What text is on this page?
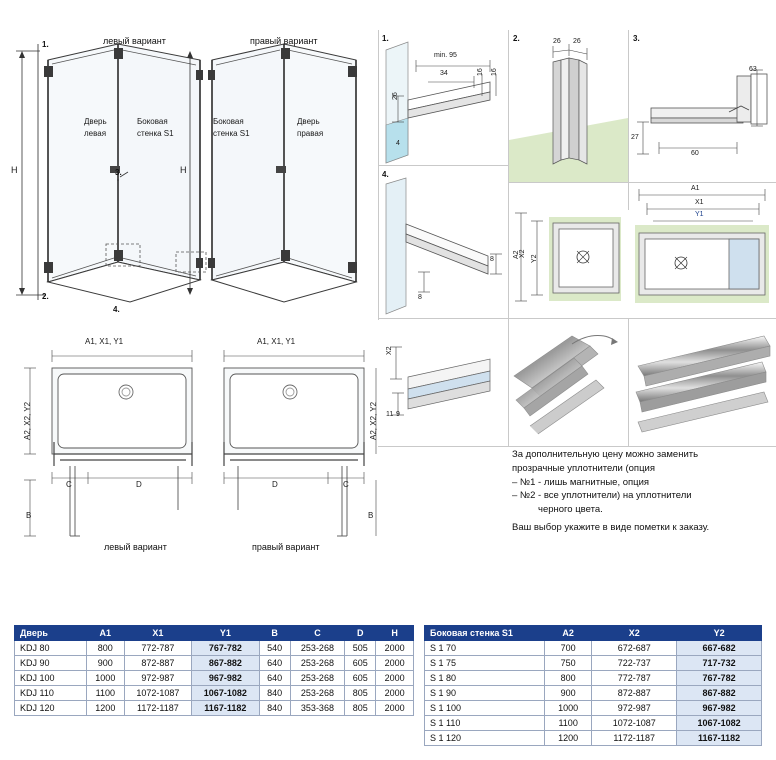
левый вариант	правый вариант
Дверь
левая
Боковая
стенка S1
Боковая
стенка S1
Дверь
правая
H	H
1.
2.
3.
4.
1.
min. 95
34	16 16
26
4
2.	26 26	3.
63
27
60
4.
8
8
A2 Y2
A1
X1
Y1
X2
X2
11 9
За дополнительную цену можно заменить
прозрачные уплотнители (опция
– №1 - лишь магнитные, опция
– №2 - все уплотнители) на уплотнители
черного цвета.
Ваш выбор укажите в виде пометки к заказу.
A1, X1, Y1	A1, X1, Y1
A2, X2, Y2	A2, X2, Y2
C	D
B
D	C
B
левый вариант	правый вариант
Дверь	A1	X1	Y1	B	C	D	H
KDJ 80	800	772-787	767-782	540	253-268	505	2000
KDJ 90	900	872-887	867-882	640	253-268	605	2000
KDJ 100	1000	972-987	967-982	640	253-268	605	2000
KDJ 110	1100	1072-1087	1067-1082	840	253-268	805	2000
KDJ 120	1200	1172-1187	1167-1182	840	353-368	805	2000
Боковая стенка S1	A2	X2	Y2
S 1 70	700	672-687	667-682
S 1 75	750	722-737	717-732
S 1 80	800	772-787	767-782
S 1 90	900	872-887	867-882
S 1 100	1000	972-987	967-982
S 1 110	1100	1072-1087	1067-1082
S 1 120	1200	1172-1187	1167-1182
